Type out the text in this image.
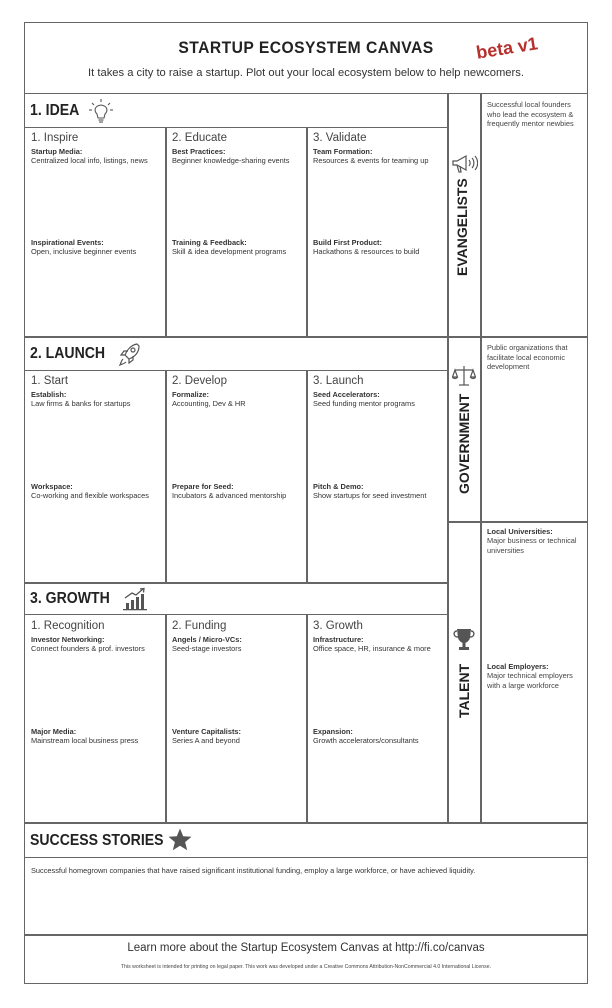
STARTUP ECOSYSTEM CANVAS	beta v1
It takes a city to raise a startup. Plot out your local ecosystem below to help newcomers.
1. IDEA
1. Inspire
Startup Media:
Centralized local info, listings, news
Inspirational Events:
Open, inclusive beginner events
2. Educate
Best Practices:
Beginner knowledge-sharing events
Training & Feedback:
Skill & idea development programs
3. Validate
Team Formation:
Resources & events for teaming up
Build First Product:
Hackathons & resources to build
2. LAUNCH
1. Start
Establish:
Law firms & banks for startups
Workspace:
Co-working and flexible workspaces
2. Develop
Formalize:
Accounting, Dev & HR
Prepare for Seed:
Incubators & advanced mentorship
3. Launch
Seed Accelerators:
Seed funding mentor programs
Pitch & Demo:
Show startups for seed investment
3. GROWTH
1. Recognition
Investor Networking:
Connect founders & prof. investors
Major Media:
Mainstream local business press
2. Funding
Angels / Micro-VCs:
Seed-stage investors
Venture Capitalists:
Series A and beyond
3. Growth
Infrastructure:
Office space, HR, insurance & more
Expansion:
Growth accelerators/consultants
EVANGELISTS
Successful local founders who lead the ecosystem & frequently mentor newbies
GOVERNMENT
Public organizations that facilitate local economic development
TALENT
Local Universities:
Major business or technical universities
Local Employers:
Major technical employers with a large workforce
SUCCESS STORIES
Successful homegrown companies that have raised significant institutional funding, employ a large workforce, or have achieved liquidity.
Learn more about the Startup Ecosystem Canvas at http://fi.co/canvas
This worksheet is intended for printing on legal paper. This work was developed under a Creative Commons Attribution-NonCommercial 4.0 International License.
